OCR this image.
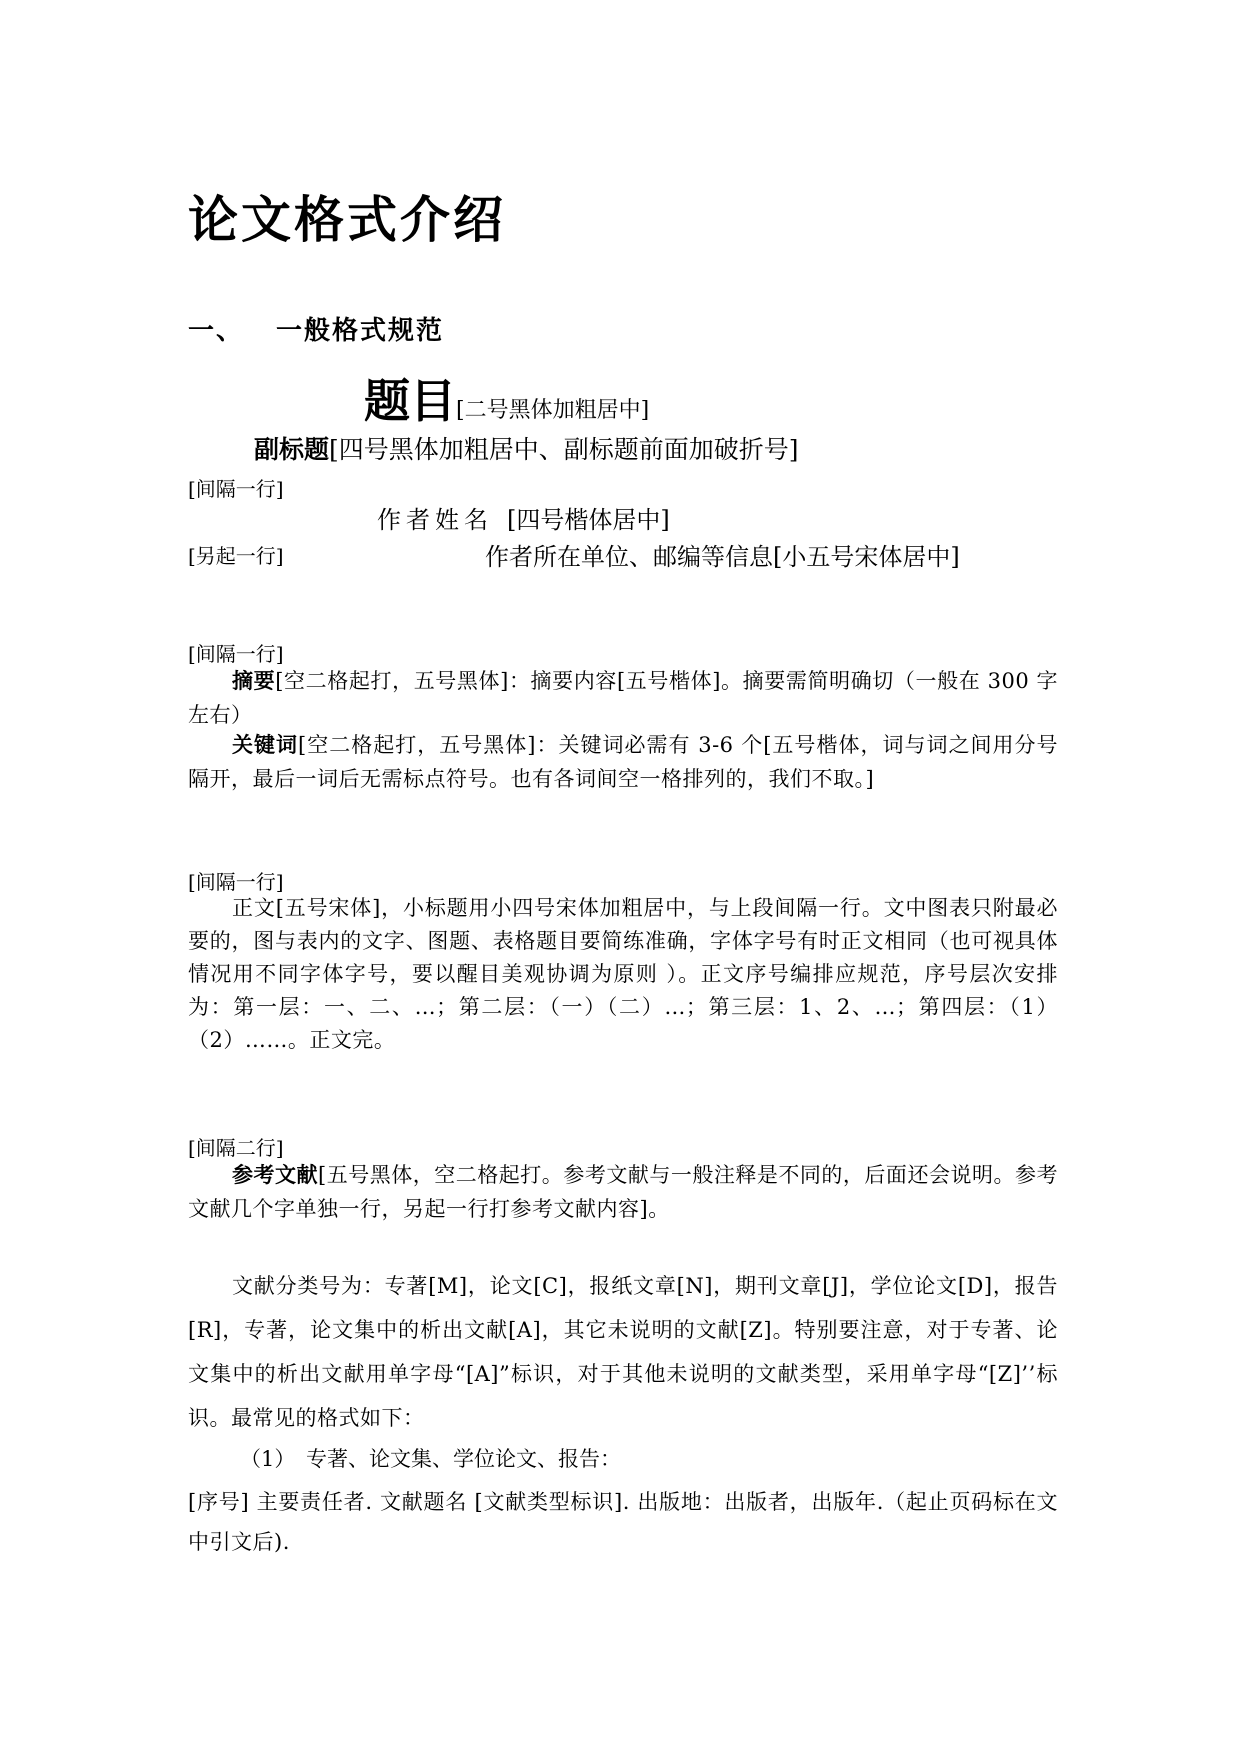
论文格式介绍
一、 一般格式规范
题目[二号黑体加粗居中]
副标题[四号黑体加粗居中、副标题前面加破折号]
[间隔一行]
作者姓名 [四号楷体居中]
[另起一行]	作者所在单位、邮编等信息[小五号宋体居中]
[间隔一行]

摘要[空二格起打，五号黑体]：摘要内容[五号楷体]。摘要需简明确切（一般在 300 字左右）

关键词[空二格起打，五号黑体]：关键词必需有 3-6 个[五号楷体，词与词之间用分号隔开，最后一词后无需标点符号。也有各词间空一格排列的，我们不取。]

[间隔一行]

正文[五号宋体]，小标题用小四号宋体加粗居中，与上段间隔一行。文中图表只附最必要的，图与表内的文字、图题、表格题目要简练准确，字体字号有时正文相同（也可视具体情况用不同字体字号，要以醒目美观协调为原则 ）。正文序号编排应规范，序号层次安排为：第一层：一、二、…；第二层：（一）（二）…；第三层：1、2、…；第四层：（1）（2）……。正文完。

[间隔二行]

参考文献[五号黑体，空二格起打。参考文献与一般注释是不同的，后面还会说明。参考文献几个字单独一行，另起一行打参考文献内容]。

文献分类号为：专著[M]，论文[C]，报纸文章[N]，期刊文章[J]，学位论文[D]，报告[R]，专著，论文集中的析出文献[A]，其它未说明的文献[Z]。特别要注意，对于专著、论文集中的析出文献用单字母“[A]”标识，对于其他未说明的文献类型，采用单字母“[Z]’’标识。最常见的格式如下：

（1） 专著、论文集、学位论文、报告：

[序号] 主要责任者. 文献题名 [文献类型标识]. 出版地：出版者，出版年.（起止页码标在文中引文后).
